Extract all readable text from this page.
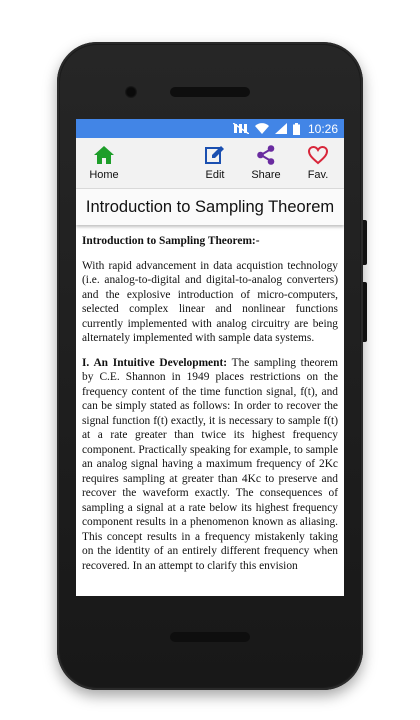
10:26
Home	Edit Share Fav.
Introduction to Sampling Theorem

Introduction to Sampling Theorem:-

With rapid advancement in data acquistion technology (i.e. analog-to-digital and digital-to-analog converters) and the explosive introduction of micro-computers, selected complex linear and nonlinear functions currently implemented with analog circuitry are being alternately implemented with sample data systems.

I. An Intuitive Development: The sampling theorem by C.E. Shannon in 1949 places restrictions on the frequency content of the time function signal, f(t), and can be simply stated as follows: In order to recover the signal function f(t) exactly, it is necessary to sample f(t) at a rate greater than twice its highest frequency component. Practically speaking for example, to sample an analog signal having a maximum frequency of 2Kc requires sampling at greater than 4Kc to preserve and recover the waveform exactly. The consequences of sampling a signal at a rate below its highest frequency component results in a phenomenon known as aliasing. This concept results in a frequency mistakenly taking on the identity of an entirely different frequency when recovered. In an attempt to clarify this envision
